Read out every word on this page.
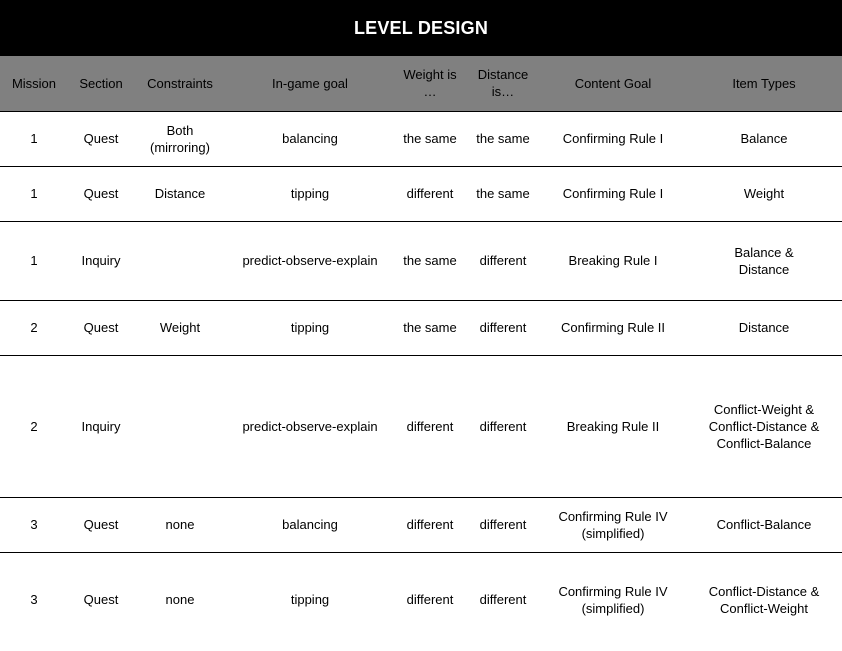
LEVEL DESIGN
Mission	Section	Constraints	In-game goal	Weight is …	Distance is…	Content Goal	Item Types
1	Quest	Both (mirroring)	balancing	the same	the same	Confirming Rule I	Balance
1	Quest	Distance	tipping	different	the same	Confirming Rule I	Weight
1	Inquiry		predict-observe-explain	the same	different	Breaking Rule I	Balance & Distance
2	Quest	Weight	tipping	the same	different	Confirming Rule II	Distance
2	Inquiry		predict-observe-explain	different	different	Breaking Rule II	Conflict-Weight & Conflict-Distance & Conflict-Balance
3	Quest	none	balancing	different	different	Confirming Rule IV (simplified)	Conflict-Balance
3	Quest	none	tipping	different	different	Confirming Rule IV (simplified)	Conflict-Distance & Conflict-Weight
